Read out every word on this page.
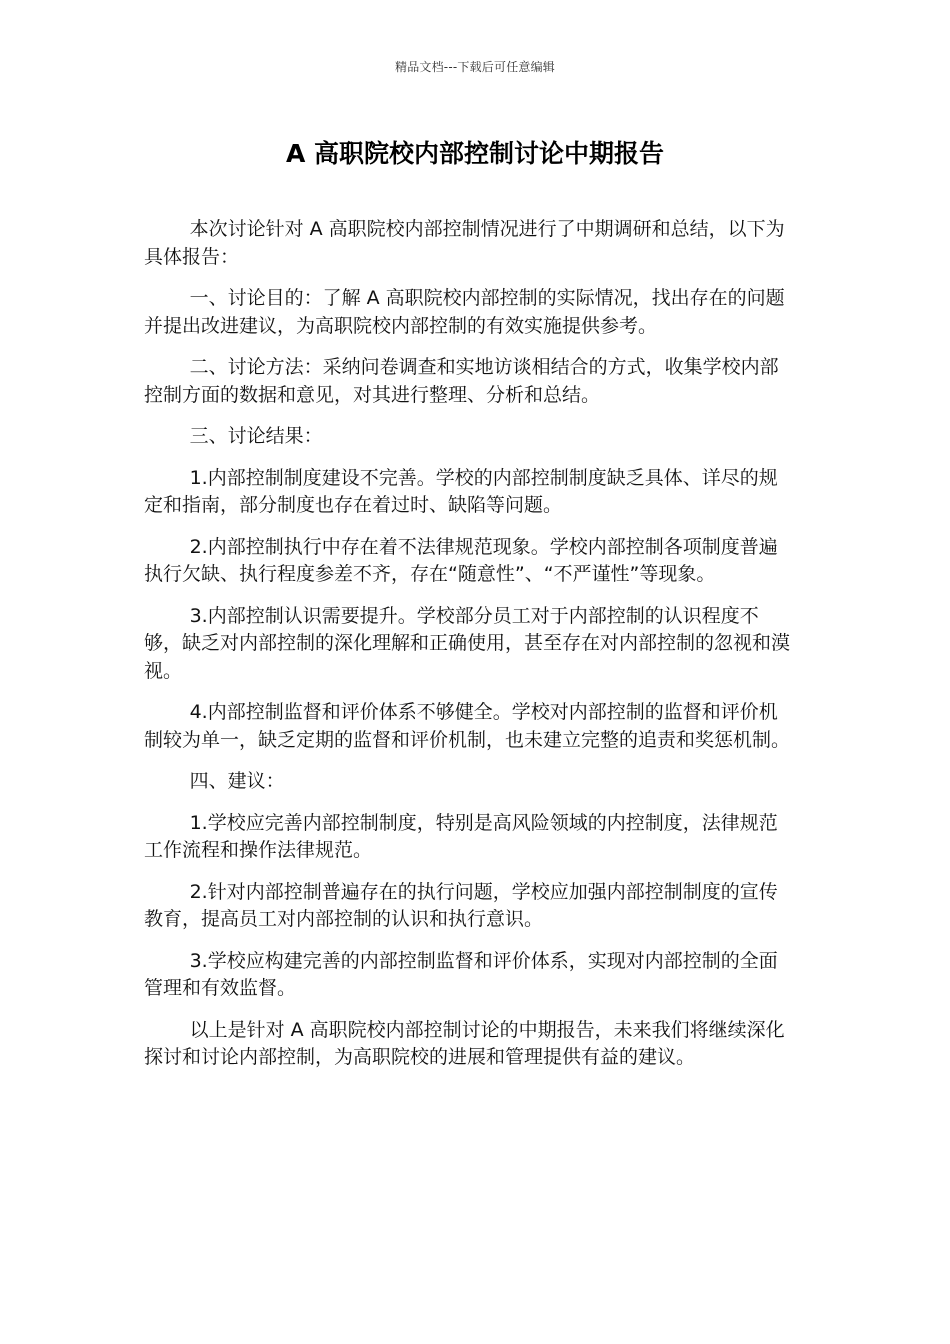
精品文档---下载后可任意编辑
A 高职院校内部控制讨论中期报告

本次讨论针对 A 高职院校内部控制情况进行了中期调研和总结，以下为具体报告：

一、讨论目的：了解 A 高职院校内部控制的实际情况，找出存在的问题并提出改进建议，为高职院校内部控制的有效实施提供参考。

二、讨论方法：采纳问卷调查和实地访谈相结合的方式，收集学校内部控制方面的数据和意见，对其进行整理、分析和总结。

三、讨论结果：

1.内部控制制度建设不完善。学校的内部控制制度缺乏具体、详尽的规定和指南，部分制度也存在着过时、缺陷等问题。

2.内部控制执行中存在着不法律规范现象。学校内部控制各项制度普遍执行欠缺、执行程度参差不齐，存在“随意性”、“不严谨性”等现象。

3.内部控制认识需要提升。学校部分员工对于内部控制的认识程度不够，缺乏对内部控制的深化理解和正确使用，甚至存在对内部控制的忽视和漠视。

4.内部控制监督和评价体系不够健全。学校对内部控制的监督和评价机制较为单一，缺乏定期的监督和评价机制，也未建立完整的追责和奖惩机制。

四、建议：

1.学校应完善内部控制制度，特别是高风险领域的内控制度，法律规范工作流程和操作法律规范。

2.针对内部控制普遍存在的执行问题，学校应加强内部控制制度的宣传教育，提高员工对内部控制的认识和执行意识。

3.学校应构建完善的内部控制监督和评价体系，实现对内部控制的全面管理和有效监督。

以上是针对 A 高职院校内部控制讨论的中期报告，未来我们将继续深化探讨和讨论内部控制，为高职院校的进展和管理提供有益的建议。
